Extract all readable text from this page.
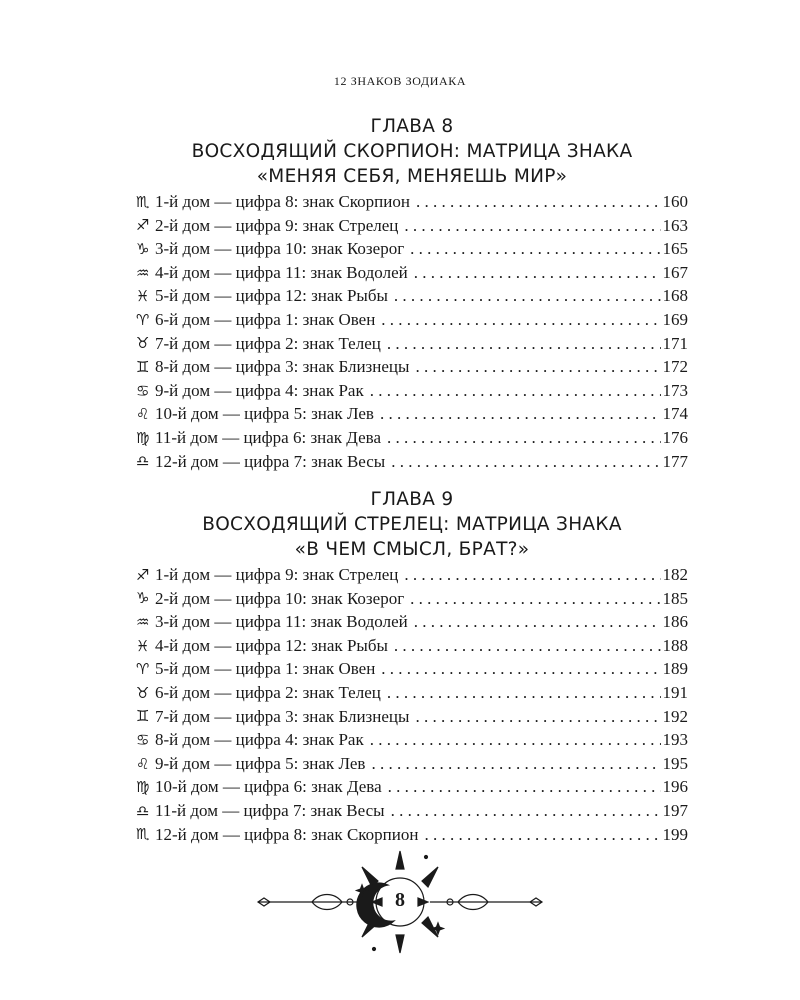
12 ЗНАКОВ ЗОДИАКА
ГЛАВА 8
ВОСХОДЯЩИЙ СКОРПИОН: МАТРИЦА ЗНАКА
«МЕНЯЯ СЕБЯ, МЕНЯЕШЬ МИР»
♏ 1-й дом — цифра 8: знак Скорпион . . .	160
♐ 2-й дом — цифра 9: знак Стрелец . . .	163
♑ 3-й дом — цифра 10: знак Козерог . . .	165
♒ 4-й дом — цифра 11: знак Водолей . . .	167
♓ 5-й дом — цифра 12: знак Рыбы . . .	168
♈ 6-й дом — цифра 1: знак Овен . . .	169
♉ 7-й дом — цифра 2: знак Телец . . .	171
♊ 8-й дом — цифра 3: знак Близнецы . . .	172
♋ 9-й дом — цифра 4: знак Рак . . .	173
♌ 10-й дом — цифра 5: знак Лев . . .	174
♍ 11-й дом — цифра 6: знак Дева . . .	176
♎ 12-й дом — цифра 7: знак Весы . . .	177
ГЛАВА 9
ВОСХОДЯЩИЙ СТРЕЛЕЦ: МАТРИЦА ЗНАКА
«В ЧЕМ СМЫСЛ, БРАТ?»
♐ 1-й дом — цифра 9: знак Стрелец . . .	182
♑ 2-й дом — цифра 10: знак Козерог . . .	185
♒ 3-й дом — цифра 11: знак Водолей . . .	186
♓ 4-й дом — цифра 12: знак Рыбы . . .	188
♈ 5-й дом — цифра 1: знак Овен . . .	189
♉ 6-й дом — цифра 2: знак Телец . . .	191
♊ 7-й дом — цифра 3: знак Близнецы . . .	192
♋ 8-й дом — цифра 4: знак Рак . . .	193
♌ 9-й дом — цифра 5: знак Лев . . .	195
♍ 10-й дом — цифра 6: знак Дева . . .	196
♎ 11-й дом — цифра 7: знак Весы . . .	197
♏ 12-й дом — цифра 8: знак Скорпион . . .	199
8
